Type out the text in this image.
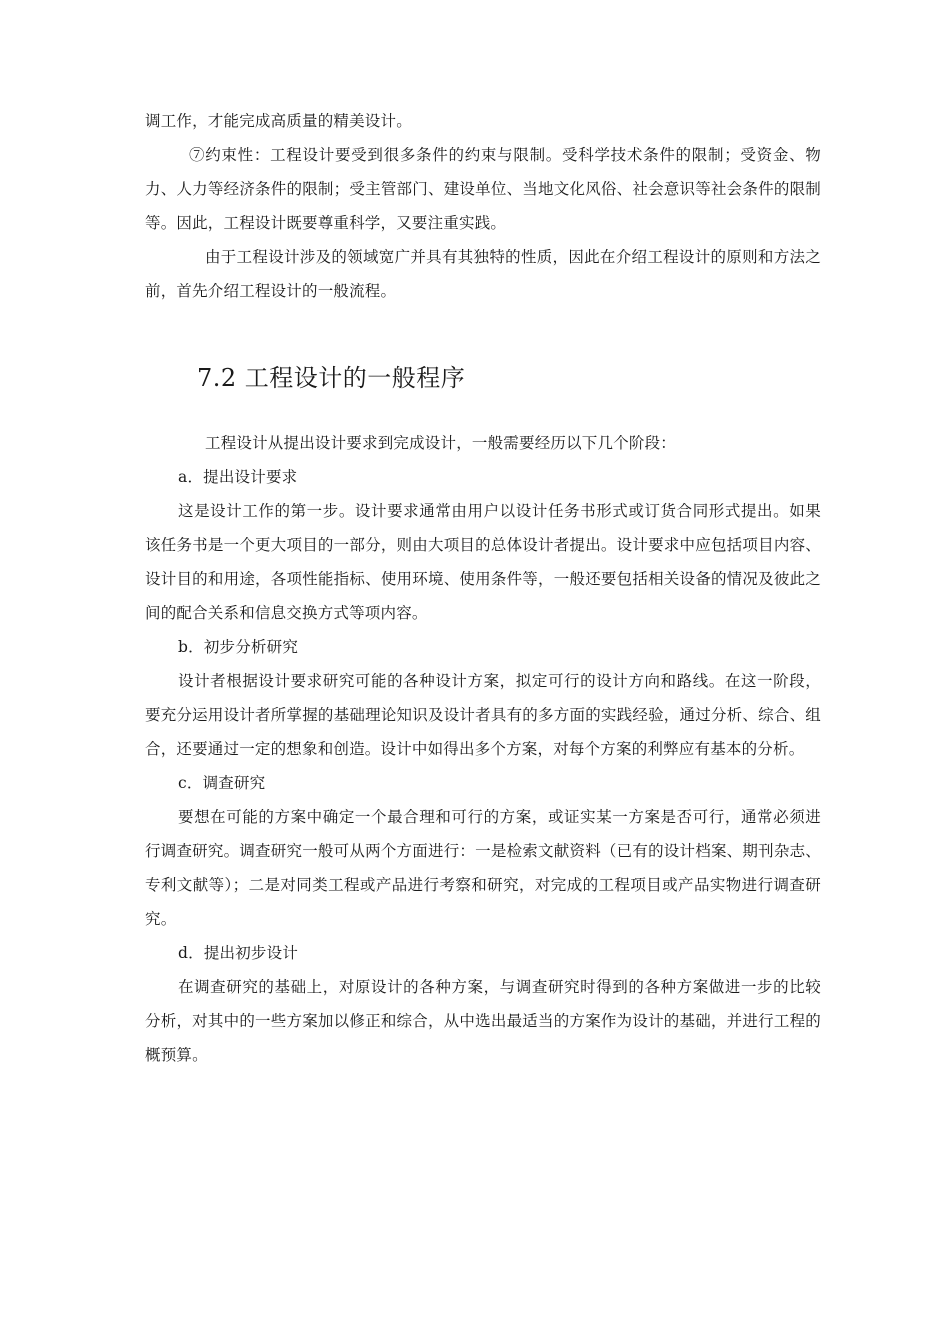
调工作，才能完成高质量的精美设计。

⑦约束性：工程设计要受到很多条件的约束与限制。受科学技术条件的限制；受资金、物力、人力等经济条件的限制；受主管部门、建设单位、当地文化风俗、社会意识等社会条件的限制等。因此，工程设计既要尊重科学，又要注重实践。

由于工程设计涉及的领域宽广并具有其独特的性质，因此在介绍工程设计的原则和方法之前，首先介绍工程设计的一般流程。

7.2 工程设计的一般程序

工程设计从提出设计要求到完成设计，一般需要经历以下几个阶段：

a．提出设计要求

这是设计工作的第一步。设计要求通常由用户以设计任务书形式或订货合同形式提出。如果该任务书是一个更大项目的一部分，则由大项目的总体设计者提出。设计要求中应包括项目内容、设计目的和用途，各项性能指标、使用环境、使用条件等，一般还要包括相关设备的情况及彼此之间的配合关系和信息交换方式等项内容。

b．初步分析研究

设计者根据设计要求研究可能的各种设计方案，拟定可行的设计方向和路线。在这一阶段，要充分运用设计者所掌握的基础理论知识及设计者具有的多方面的实践经验，通过分析、综合、组合，还要通过一定的想象和创造。设计中如得出多个方案，对每个方案的利弊应有基本的分析。

c．调查研究

要想在可能的方案中确定一个最合理和可行的方案，或证实某一方案是否可行，通常必须进行调查研究。调查研究一般可从两个方面进行：一是检索文献资料（已有的设计档案、期刊杂志、专利文献等）；二是对同类工程或产品进行考察和研究，对完成的工程项目或产品实物进行调查研究。

d．提出初步设计

在调查研究的基础上，对原设计的各种方案，与调查研究时得到的各种方案做进一步的比较分析，对其中的一些方案加以修正和综合，从中选出最适当的方案作为设计的基础，并进行工程的概预算。
